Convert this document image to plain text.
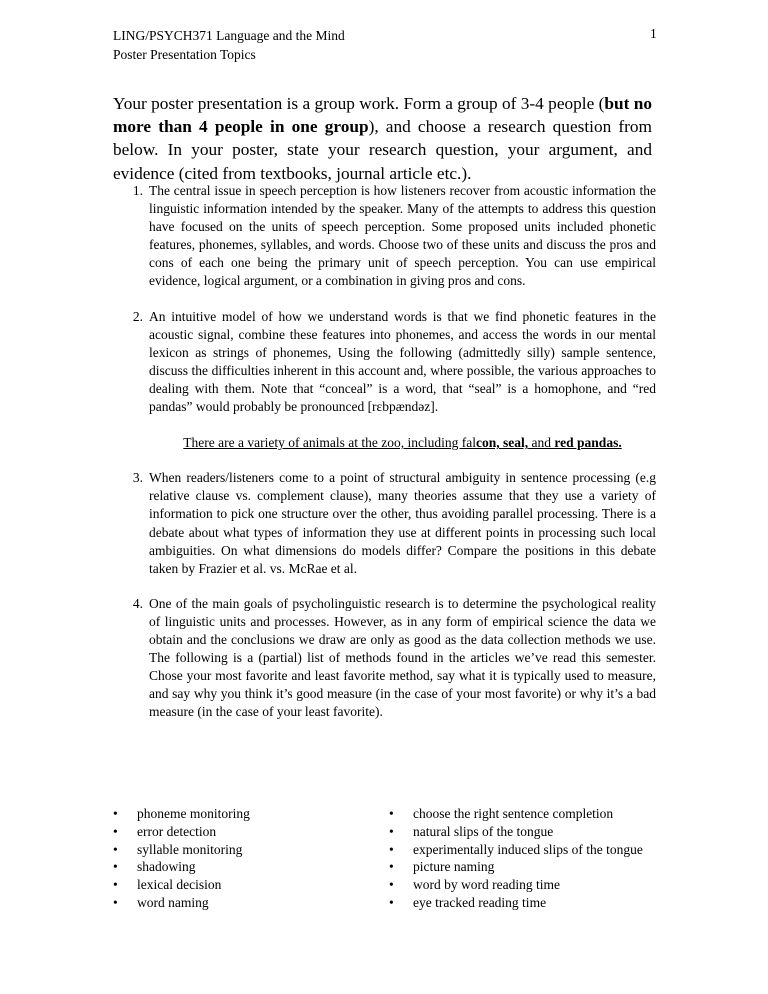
LING/PSYCH371 Language and the Mind
Poster Presentation Topics
1
Your poster presentation is a group work. Form a group of 3-4 people (but no more than 4 people in one group), and choose a research question from below. In your poster, state your research question, your argument, and evidence (cited from textbooks, journal article etc.).
1. The central issue in speech perception is how listeners recover from acoustic information the linguistic information intended by the speaker. Many of the attempts to address this question have focused on the units of speech perception. Some proposed units included phonetic features, phonemes, syllables, and words. Choose two of these units and discuss the pros and cons of each one being the primary unit of speech perception. You can use empirical evidence, logical argument, or a combination in giving pros and cons.
2. An intuitive model of how we understand words is that we find phonetic features in the acoustic signal, combine these features into phonemes, and access the words in our mental lexicon as strings of phonemes, Using the following (admittedly silly) sample sentence, discuss the difficulties inherent in this account and, where possible, the various approaches to dealing with them. Note that “conceal” is a word, that “seal” is a homophone, and “red pandas” would probably be pronounced [rɛbpændəz].
There are a variety of animals at the zoo, including falcon, seal, and red pandas.
3. When readers/listeners come to a point of structural ambiguity in sentence processing (e.g relative clause vs. complement clause), many theories assume that they use a variety of information to pick one structure over the other, thus avoiding parallel processing. There is a debate about what types of information they use at different points in processing such local ambiguities. On what dimensions do models differ? Compare the positions in this debate taken by Frazier et al. vs. McRae et al.
4. One of the main goals of psycholinguistic research is to determine the psychological reality of linguistic units and processes. However, as in any form of empirical science the data we obtain and the conclusions we draw are only as good as the data collection methods we use. The following is a (partial) list of methods found in the articles we’ve read this semester. Chose your most favorite and least favorite method, say what it is typically used to measure, and say why you think it’s good measure (in the case of your most favorite) or why it’s a bad measure (in the case of your least favorite).
• phoneme monitoring
• error detection
• syllable monitoring
• shadowing
• lexical decision
• word naming
• choose the right sentence completion
• natural slips of the tongue
• experimentally induced slips of the tongue
• picture naming
• word by word reading time
• eye tracked reading time
